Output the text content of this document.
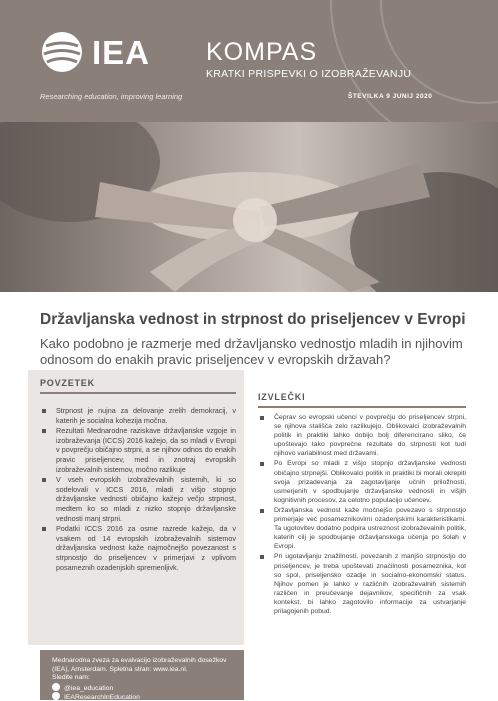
IEA
Researching education, improving learning
KOMPAS
KRATKI PRISPEVKI O IZOBRAŽEVANJU
ŠTEVILKA 9 JUNIJ 2020
Državljanska vednost in strpnost do priseljencev v Evropi
Kako podobno je razmerje med državljansko vednostjo mladih in njihovim odnosom do enakih pravic priseljencev v evropskih državah?
POVZETEK
Strpnost je nujna za delovanje zrelih demokracij, v katerih je socialna kohezija močna.
Rezultati Mednarodne raziskave državljanske vzgoje in izobraževanja (ICCS) 2016 kažejo, da so mladi v Evropi v povprečju običajno strpni, a se njihov odnos do enakih pravic priseljencev, med in znotraj evropskih izobraževalnih sistemov, močno razlikuje
V vseh evropskih izobraževalnih sistemih, ki so sodelovali v ICCS 2016, mladi z višjo stopnjo državljanske vednosti običajno kažejo večjo strpnost, medtem ko so mladi z nizko stopnjo državljanske vednosti manj strpni.
Podatki ICCS 2016 za osme razrede kažejo, da v vsakem od 14 evropskih izobraževalnih sistemov državljanska vednost kaže najmočnejšo povezanost s strpnostjo do priseljencev v primerjavi z vplivom posameznih ozadenjskih spremenljivk.
IZVLEČKI
Čeprav so evropski učenci v povprečju do priseljencev strpni, se njihova stališča zelo razlikujejo. Oblikovalci izobraževalnih politik in praktiki lahko dobijo bolj diferencirano sliko, če upoštevajo tako povprečne rezultate do strpnosti kot tudi njihovo variabilnost med državami.
Po Evropi so mladi z višjo stopnjo državljanske vednosti običajno strpnejši. Oblikovalci politik in praktiki bi morali okrepiti svoja prizadevanja za zagotavljanje učnih priložnosti, usmerjenih v spodbujanje državljanske vednosti in višjih kognitivnih procesov, za celotno populacijo učencev.
Državljanska vednost kaže močnejšo povezavo s strpnostjo primerjaje več posameznikovimi ozadenjskimi karakteristikami. Ta ugotovitev dodatno podpira ustreznost izobraževalnih politik, katerih cilj je spodbujanje državljanskega učenja po šolah v Evropi.
Pri ugotavljanju znažilnosti, povezanih z manjšo strpnostjo do priseljencev, je treba upoštevati značilnosti posameznika, kot so spol, priseljensko ozadje in socialno-ekonomski status. Njihov pomen je lahko v različnih izobraževalnih sistemih različen in preučevanje dejavnikov, specifičnih za vsak kontekst, bi lahko zagotovilo informacije za ustvarjanje prilagojenih pobud.
Mednarodna zveza za evalvacijo izobraževalnih dosežkov (IEA), Amsterdam. Spletna stran: www.iea.nl.
Sledite nam:
@iea_education
IEAResearchInEducation
